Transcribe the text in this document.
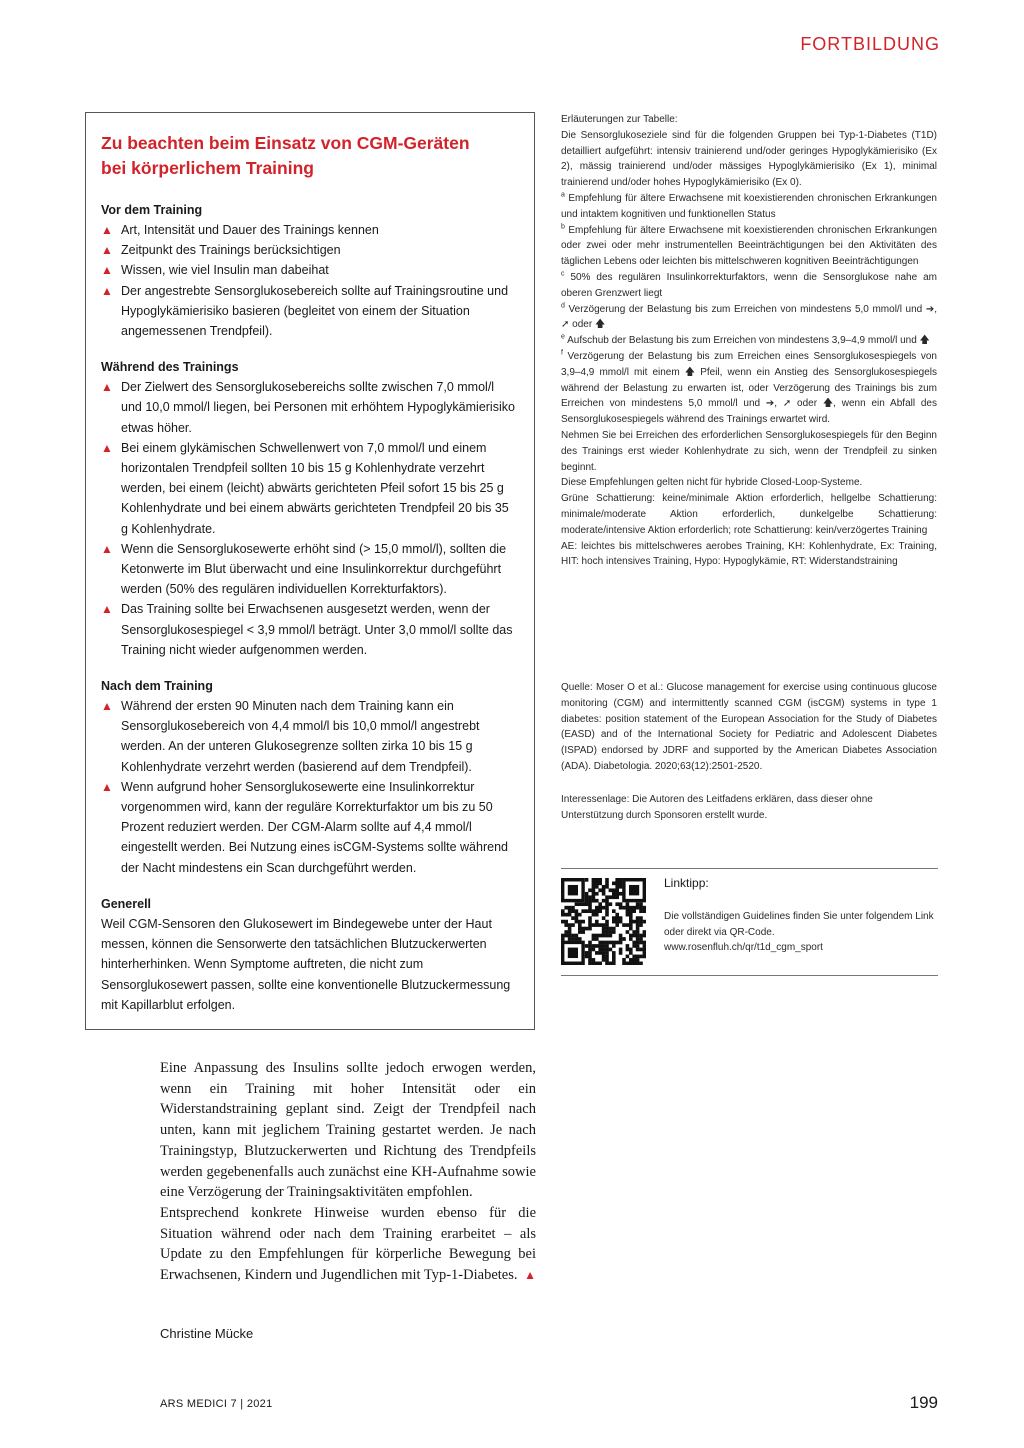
FORTBILDUNG
Zu beachten beim Einsatz von CGM-Geräten
bei körperlichem Training

Vor dem Training

▲ Art, Intensität und Dauer des Trainings kennen
▲ Zeitpunkt des Trainings berücksichtigen
▲ Wissen, wie viel Insulin man dabeihat
▲ Der angestrebte Sensorglukosebereich sollte auf Trainingsroutine und Hypoglykämierisiko basieren (begleitet von einem der Situation angemessenen Trendpfeil).

Während des Trainings

▲ Der Zielwert des Sensorglukosebereichs sollte zwischen 7,0 mmol/l und 10,0 mmol/l liegen, bei Personen mit erhöhtem Hypoglykämierisiko etwas höher.
▲ Bei einem glykämischen Schwellenwert von 7,0 mmol/l und einem horizontalen Trendpfeil sollten 10 bis 15 g Kohlenhydrate verzehrt werden, bei einem (leicht) abwärts gerichteten Pfeil sofort 15 bis 25 g Kohlenhydrate und bei einem abwärts gerichteten Trendpfeil 20 bis 35 g Kohlenhydrate.
▲ Wenn die Sensorglukosewerte erhöht sind (> 15,0 mmol/l), sollten die Ketonwerte im Blut überwacht und eine Insulinkorrektur durchgeführt werden (50% des regulären individuellen Korrekturfaktors).
▲ Das Training sollte bei Erwachsenen ausgesetzt werden, wenn der Sensorglukosespiegel < 3,9 mmol/l beträgt. Unter 3,0 mmol/l sollte das Training nicht wieder aufgenommen werden.

Nach dem Training

▲ Während der ersten 90 Minuten nach dem Training kann ein Sensorglukosebereich von 4,4 mmol/l bis 10,0 mmol/l angestrebt werden. An der unteren Glukosegrenze sollten zirka 10 bis 15 g Kohlenhydrate verzehrt werden (basierend auf dem Trendpfeil).
▲ Wenn aufgrund hoher Sensorglukosewerte eine Insulinkorrektur vorgenommen wird, kann der reguläre Korrekturfaktor um bis zu 50 Prozent reduziert werden. Der CGM-Alarm sollte auf 4,4 mmol/l eingestellt werden. Bei Nutzung eines isCGM-Systems sollte während der Nacht mindestens ein Scan durchgeführt werden.

Generell

Weil CGM-Sensoren den Glukosewert im Bindegewebe unter der Haut messen, können die Sensorwerte den tatsächlichen Blutzuckerwerten hinterherhinken. Wenn Symptome auftreten, die nicht zum Sensorglukosewert passen, sollte eine konventionelle Blutzuckermessung mit Kapillarblut erfolgen.

Erläuterungen zur Tabelle:

Die Sensorglukoseziele sind für die folgenden Gruppen bei Typ-1-Diabetes (T1D) detailliert aufgeführt: intensiv trainierend und/oder geringes Hypoglykämierisiko (Ex 2), mässig trainierend und/oder mässiges Hypoglykämierisiko (Ex 1), minimal trainierend und/oder hohes Hypoglykämierisiko (Ex 0).

$^a$ Empfehlung für ältere Erwachsene mit koexistierenden chronischen Erkrankungen und intaktem kognitiven und funktionellen Status

$^b$ Empfehlung für ältere Erwachsene mit koexistierenden chronischen Erkrankungen oder zwei oder mehr instrumentellen Beeinträchtigungen bei den Aktivitäten des täglichen Lebens oder leichten bis mittelschweren kognitiven Beeinträchtigungen

$^c$ 50% des regulären Insulinkorrekturfaktors, wenn die Sensorglukose nahe am oberen Grenzwert liegt

$^d$ Verzögerung der Belastung bis zum Erreichen von mindestens 5,0 mmol/l und ➔, ➚ oder 🡅

$^e$ Aufschub der Belastung bis zum Erreichen von mindestens 3,9–4,9 mmol/l und 🡅

$^f$ Verzögerung der Belastung bis zum Erreichen eines Sensorglukosespiegels von 3,9–4,9 mmol/l mit einem 🡅 Pfeil, wenn ein Anstieg des Sensorglukosespiegels während der Belastung zu erwarten ist, oder Verzögerung des Trainings bis zum Erreichen von mindestens 5,0 mmol/l und ➔, ➚ oder 🡅, wenn ein Abfall des Sensorglukosespiegels während des Trainings erwartet wird.

Nehmen Sie bei Erreichen des erforderlichen Sensorglukosespiegels für den Beginn des Trainings erst wieder Kohlenhydrate zu sich, wenn der Trendpfeil zu sinken beginnt.

Diese Empfehlungen gelten nicht für hybride Closed-Loop-Systeme.

Grüne Schattierung: keine/minimale Aktion erforderlich, hellgelbe Schattierung: minimale/moderate Aktion erforderlich, dunkelgelbe Schattierung: moderate/intensive Aktion erforderlich; rote Schattierung: kein/verzögertes Training

AE: leichtes bis mittelschweres aerobes Training, KH: Kohlenhydrate, Ex: Training, HIT: hoch intensives Training, Hypo: Hypoglykämie, RT: Widerstandstraining

Quelle: Moser O et al.: Glucose management for exercise using continuous glucose monitoring (CGM) and intermittently scanned CGM (isCGM) systems in type 1 diabetes: position statement of the European Association for the Study of Diabetes (EASD) and of the International Society for Pediatric and Adolescent Diabetes (ISPAD) endorsed by JDRF and supported by the American Diabetes Association (ADA). Diabetologia. 2020;63(12):2501-2520.

Interessenlage: Die Autoren des Leitfadens erklären, dass dieser ohne Unterstützung durch Sponsoren erstellt wurde.

Linktipp:

Die vollständigen Guidelines finden Sie unter folgendem Link oder direkt via QR-Code.
www.rosenfluh.ch/qr/t1d_cgm_sport

Eine Anpassung des Insulins sollte jedoch erwogen werden, wenn ein Training mit hoher Intensität oder ein Widerstandstraining geplant sind. Zeigt der Trendpfeil nach unten, kann mit jeglichem Training gestartet werden. Je nach Trainingstyp, Blutzuckerwerten und Richtung des Trendpfeils werden gegebenenfalls auch zunächst eine KH-Aufnahme sowie eine Verzögerung der Trainingsaktivitäten empfohlen.

Entsprechend konkrete Hinweise wurden ebenso für die Situation während oder nach dem Training erarbeitet – als Update zu den Empfehlungen für körperliche Bewegung bei Erwachsenen, Kindern und Jugendlichen mit Typ-1-Diabetes. ▲

Christine Mücke
ARS MEDICI 7 | 2021	199
